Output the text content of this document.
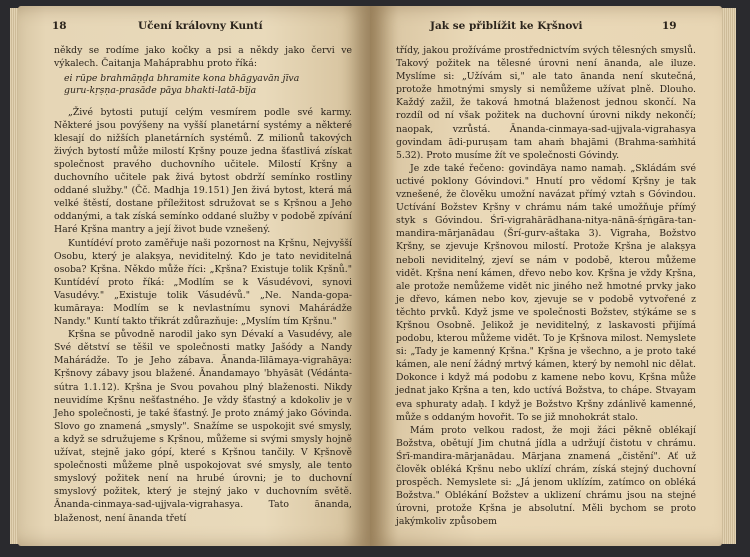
18	Učení královny Kuntí

někdy se rodíme jako kočky a psi a někdy jako červi ve výkalech. Čaitanja Maháprabhu proto říká:

ei rūpe brahmāṇḍa bhramite kona bhāgyavān jīva
guru-kṛṣṇa-prasāde pāya bhakti-latā-bīja

„Živé bytosti putují celým vesmírem podle své karmy. Některé jsou povýšeny na vyšší planetární systémy a některé klesají do nižších planetárních systémů. Z milionů takových živých bytostí může milostí Kṛšny pouze jedna šťastlivá získat společnost pravého duchovního učitele. Milostí Kṛšny a duchovního učitele pak živá bytost obdrží semínko rostliny oddané služby." (Čč. Madhja 19.151) Jen živá bytost, která má velké štěstí, dostane příležitost sdružovat se s Kṛšnou a Jeho oddanými, a tak získá semínko oddané služby v podobě zpívání Haré Kṛšna mantry a její život bude vznešený.

Kuntídéví proto zaměřuje naši pozornost na Kṛšnu, Nejvyšší Osobu, který je alakṣya, neviditelný. Kdo je tato neviditelná osoba? Kṛšna. Někdo může říci: „Kṛšna? Existuje tolik Kṛšnů." Kuntídéví proto říká: „Modlím se k Vásudévovi, synovi Vasudévy." „Existuje tolik Vásudévů." „Ne. Nanda-gopa-kumāraya: Modlím se k nevlastnímu synovi Mahárádže Nandy." Kuntí takto třikrát zdůrazňuje: „Myslím tím Kṛšnu."

Kṛšna se původně narodil jako syn Dévakí a Vasudévy, ale Své dětství se těšil ve společnosti matky Jašódy a Nandy Mahárádže. To je Jeho zábava. Ānanda-līlāmaya-vigrahāya: Kṛšnovy zábavy jsou blažené. Ānandamayo 'bhyāsāt (Védánta-sútra 1.1.12). Kṛšna je Svou povahou plný blaženosti. Nikdy neuvidíme Kṛšnu nešťastného. Je vždy šťastný a kdokoliv je v Jeho společnosti, je také šťastný. Je proto známý jako Góvinda. Slovo go znamená „smysly". Snažíme se uspokojit své smysly, a když se sdružujeme s Kṛšnou, můžeme si svými smysly hojně užívat, stejně jako gópí, které s Kṛšnou tančily. V Kṛšnově společnosti můžeme plně uspokojovat své smysly, ale tento smyslový požitek není na hrubé úrovni; je to duchovní smyslový požitek, který je stejný jako v duchovním světě. Ānanda-cinmaya-sad-ujjvala-vigrahasya. Tato ānanda, blaženost, není ānanda třetí

Jak se přiblížit ke Kṛšnovi	19

třídy, jakou prožíváme prostřednictvím svých tělesných smyslů. Takový požitek na tělesné úrovni není ānanda, ale iluze. Myslíme si: „Užívám si," ale tato ānanda není skutečná, protože hmotnými smysly si nemůžeme užívat plně. Dlouho. Každý zažil, že taková hmotná blaženost jednou skončí. Na rozdíl od ní však požitek na duchovní úrovni nikdy nekončí; naopak, vzrůstá. Ānanda-cinmaya-sad-ujjvala-vigrahasya govindam ādi-puruṣam tam ahaṁ bhajāmi (Brahma-saṁhitá 5.32). Proto musíme žít ve společnosti Góvindy.

Je zde také řečeno: govindāya namo namaḥ. „Skládám své uctivé poklony Góvindovi." Hnutí pro vědomí Kṛšny je tak vznešené, že člověku umožní navázat přímý vztah s Góvindou. Uctívání Božstev Kṛšny v chrámu nám také umožňuje přímý styk s Góvindou. Śrī-vigrahārādhana-nitya-nānā-śṛṅgāra-tan-mandira-mārjanādau (Šrí-gurv-aštaka 3). Vigraha, Božstvo Kṛšny, se zjevuje Kṛšnovou milostí. Protože Kṛšna je alakṣya neboli neviditelný, zjeví se nám v podobě, kterou můžeme vidět. Kṛšna není kámen, dřevo nebo kov. Kṛšna je vždy Kṛšna, ale protože nemůžeme vidět nic jiného než hmotné prvky jako je dřevo, kámen nebo kov, zjevuje se v podobě vytvořené z těchto prvků. Když jsme ve společnosti Božstev, stýkáme se s Kṛšnou Osobně. Jelikož je neviditelný, z laskavosti přijímá podobu, kterou můžeme vidět. To je Kṛšnova milost. Nemyslete si: „Tady je kamenný Kṛšna." Kṛšna je všechno, a je proto také kámen, ale není žádný mrtvý kámen, který by nemohl nic dělat. Dokonce i když má podobu z kamene nebo kovu, Kṛšna může jednat jako Kṛšna a ten, kdo uctívá Božstva, to chápe. Stvayam eva sphuraty adaḥ. I když je Božstvo Kṛšny zdánlivě kamenné, může s oddaným hovořit. To se již mnohokrát stalo.

Mám proto velkou radost, že moji žáci pěkně oblékají Božstva, obětují Jim chutná jídla a udržují čistotu v chrámu. Śrī-mandira-mārjanādau. Mārjana znamená „čistění". Ať už člověk obléká Kṛšnu nebo uklízí chrám, získá stejný duchovní prospěch. Nemyslete si: „Já jenom uklízím, zatímco on obléká Božstva." Oblékání Božstev a uklizení chrámu jsou na stejné úrovni, protože Kṛšna je absolutní. Měli bychom se proto jakýmkoliv způsobem
